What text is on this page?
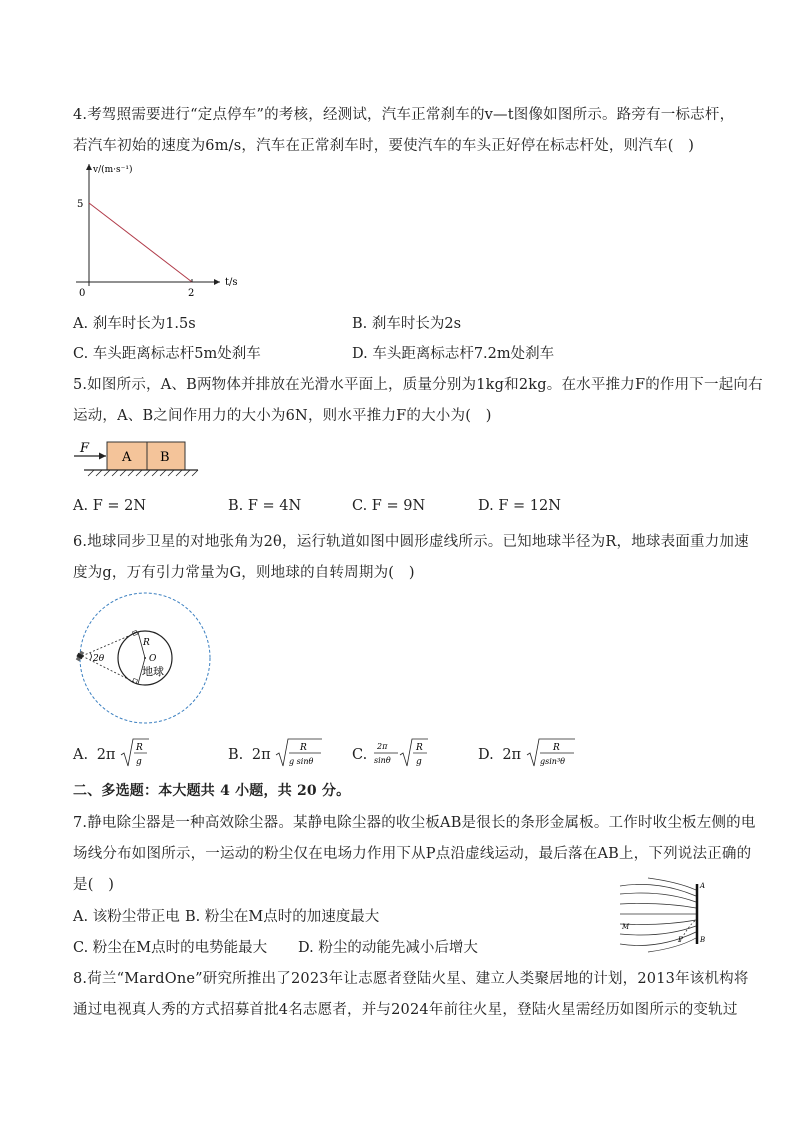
4.考驾照需要进行“定点停车”的考核，经测试，汽车正常刹车的v—t图像如图所示。路旁有一标志杆，
若汽车初始的速度为6m/s，汽车在正常刹车时，要使汽车的车头正好停在标志杆处，则汽车(　)
v/(m·s⁻¹)
t/s
0
5
2
A. 刹车时长为1.5s	B. 刹车时长为2s
C. 车头距离标志杆5m处刹车	D. 车头距离标志杆7.2m处刹车
5.如图所示，A、B两物体并排放在光滑水平面上，质量分别为1kg和2kg。在水平推力F的作用下一起向右
运动，A、B之间作用力的大小为6N，则水平推力F的大小为(　)
F
A B
A. F = 2N	B. F = 4N	C. F = 9N	D. F = 12N
6.地球同步卫星的对地张角为2θ，运行轨道如图中圆形虚线所示。已知地球半径为R，地球表面重力加速
度为g，万有引力常量为G，则地球的自转周期为(　)
2θ
R
O
地球
A. 2π R
g	B. 2π	R
g sinθ	C.
2π
sinθ
R
g	D. 2π	R
gsin³θ
二、多选题：本大题共 4 小题，共 20 分。
7.静电除尘器是一种高效除尘器。某静电除尘器的收尘板AB是很长的条形金属板。工作时收尘板左侧的电
场线分布如图所示，一运动的粉尘仅在电场力作用下从P点沿虚线运动，最后落在AB上，下列说法正确的
是(　)
A. 该粉尘带正电 B. 粉尘在M点时的加速度最大
C. 粉尘在M点时的电势能最大 D. 粉尘的动能先减小后增大
A
B
M
P
8.荷兰“MardOne”研究所推出了2023年让志愿者登陆火星、建立人类聚居地的计划，2013年该机构将
通过电视真人秀的方式招募首批4名志愿者，并与2024年前往火星，登陆火星需经历如图所示的变轨过
